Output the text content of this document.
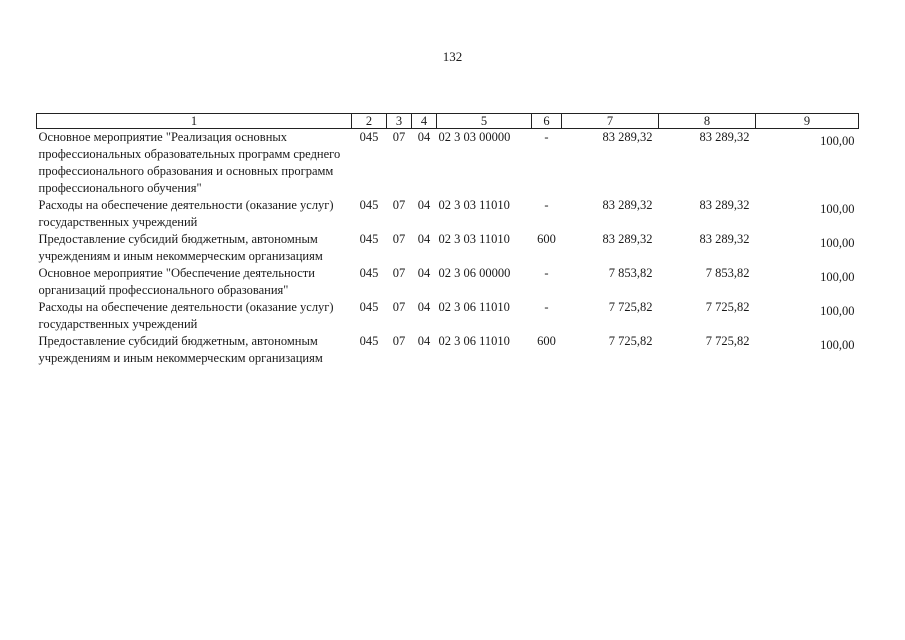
132
1	2	3	4	5	6	7	8	9
Основное мероприятие "Реализация основных профессиональных образовательных программ среднего профессионального образования и основных программ профессионального обучения"	045	07	04	02 3 03 00000	-	83 289,32	83 289,32	100,00
Расходы на обеспечение деятельности (оказание услуг) государственных учреждений	045	07	04	02 3 03 11010	-	83 289,32	83 289,32	100,00
Предоставление субсидий бюджетным, автономным учреждениям и иным некоммерческим организациям	045	07	04	02 3 03 11010	600	83 289,32	83 289,32	100,00
Основное мероприятие "Обеспечение деятельности организаций профессионального образования"	045	07	04	02 3 06 00000	-	7 853,82	7 853,82	100,00
Расходы на обеспечение деятельности (оказание услуг) государственных учреждений	045	07	04	02 3 06 11010	-	7 725,82	7 725,82	100,00
Предоставление субсидий бюджетным, автономным учреждениям и иным некоммерческим организациям	045	07	04	02 3 06 11010	600	7 725,82	7 725,82	100,00
